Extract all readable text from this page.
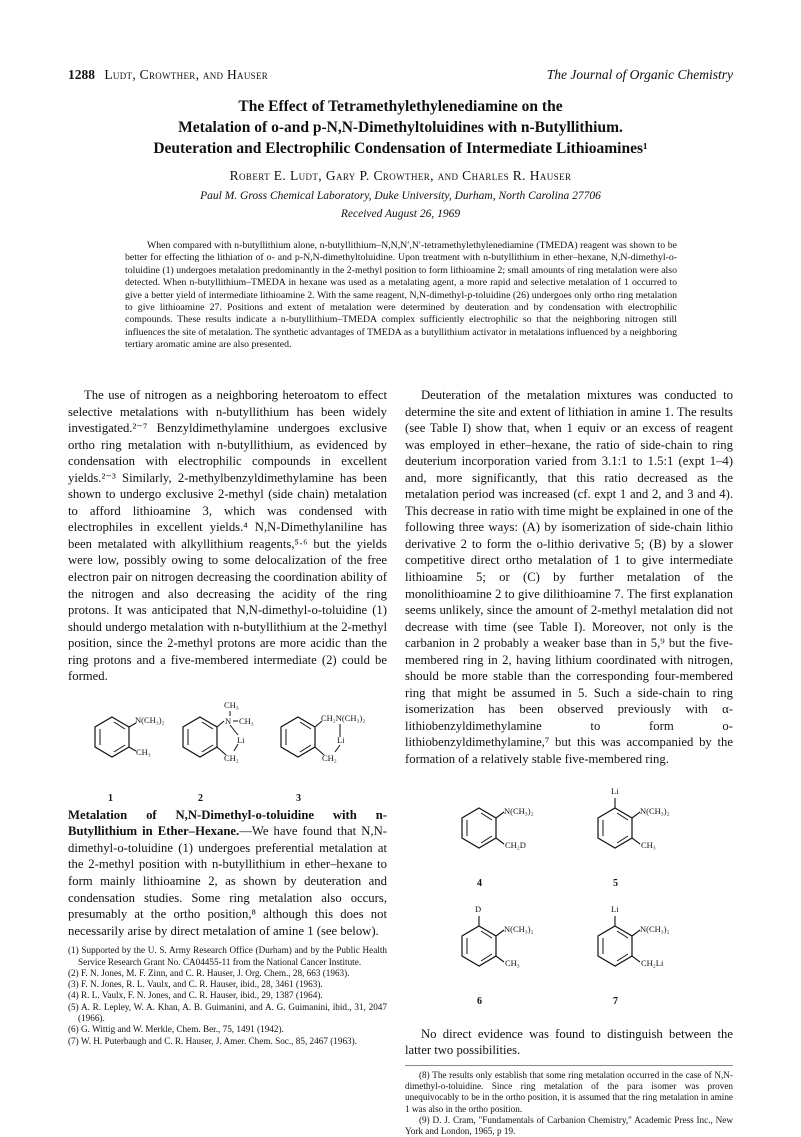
1288 Ludt, Crowther, and Hauser	The Journal of Organic Chemistry
The Effect of Tetramethylethylenediamine on the
Metalation of o-and p-N,N-Dimethyltoluidines with n-Butyllithium.
Deuteration and Electrophilic Condensation of Intermediate Lithioamines¹
Robert E. Ludt, Gary P. Crowther, and Charles R. Hauser
Paul M. Gross Chemical Laboratory, Duke University, Durham, North Carolina 27706
Received August 26, 1969

When compared with n-butyllithium alone, n-butyllithium–N,N,N′,N′-tetramethylethylenediamine (TMEDA) reagent was shown to be better for effecting the lithiation of o- and p-N,N-dimethyltoluidine. Upon treatment with n-butyllithium in ether–hexane, N,N-dimethyl-o-toluidine (1) undergoes metalation predominantly in the 2-methyl position to form lithioamine 2; small amounts of ring metalation were also detected. When n-butyllithium–TMEDA in hexane was used as a metalating agent, a more rapid and selective metalation of 1 occurred to give a better yield of intermediate lithioamine 2. With the same reagent, N,N-dimethyl-p-toluidine (26) undergoes only ortho ring metalation to give lithioamine 27. Positions and extent of metalation were determined by deuteration and by condensation with electrophilic compounds. These results indicate a n-butyllithium–TMEDA complex sufficiently electrophilic so that the neighboring nitrogen still influences the site of metalation. The synthetic advantages of TMEDA as a butyllithium activator in metalations influenced by a neighboring tertiary aromatic amine are also presented.

The use of nitrogen as a neighboring heteroatom to effect selective metalations with n-butyllithium has been widely investigated.²⁻⁷ Benzyldimethylamine undergoes exclusive ortho ring metalation with n-butyllithium, as evidenced by condensation with electrophilic compounds in excellent yields.²⁻³ Similarly, 2-methylbenzyldimethylamine has been shown to undergo exclusive 2-methyl (side chain) metalation to afford lithioamine 3, which was condensed with electrophiles in excellent yields.⁴ N,N-Dimethylaniline has been metalated with alkyllithium reagents,⁵·⁶ but the yields were low, possibly owing to some delocalization of the free electron pair on nitrogen decreasing the coordination ability of the nitrogen and also decreasing the acidity of the ring protons. It was anticipated that N,N-dimethyl-o-toluidine (1) should undergo metalation with n-butyllithium at the 2-methyl position, since the 2-methyl protons are more acidic than the ring protons and a five-membered intermediate (2) could be formed.

N(CH₃)₂
CH₃
1
CH₃
N CH₃
Li
CH₂
2
CH₂N(CH₃)₂
Li
CH₂
3

Metalation of N,N-Dimethyl-o-toluidine with n-Butyllithium in Ether–Hexane.—We have found that N,N-dimethyl-o-toluidine (1) undergoes preferential metalation at the 2-methyl position with n-butyllithium in ether–hexane to form mainly lithioamine 2, as shown by deuteration and condensation studies. Some ring metalation also occurs, presumably at the ortho position,⁸ although this does not necessarily arise by direct metalation of amine 1 (see below).

(1) Supported by the U. S. Army Research Office (Durham) and by the Public Health Service Research Grant No. CA04455-11 from the National Cancer Institute.
(2) F. N. Jones, M. F. Zinn, and C. R. Hauser, J. Org. Chem., 28, 663 (1963).
(3) F. N. Jones, R. L. Vaulx, and C. R. Hauser, ibid., 28, 3461 (1963).
(4) R. L. Vaulx, F. N. Jones, and C. R. Hauser, ibid., 29, 1387 (1964).
(5) A. R. Lepley, W. A. Khan, A. B. Guimanini, and A. G. Guimanini, ibid., 31, 2047 (1966).
(6) G. Wittig and W. Merkle, Chem. Ber., 75, 1491 (1942).
(7) W. H. Puterbaugh and C. R. Hauser, J. Amer. Chem. Soc., 85, 2467 (1963).

Deuteration of the metalation mixtures was conducted to determine the site and extent of lithiation in amine 1. The results (see Table I) show that, when 1 equiv or an excess of reagent was employed in ether–hexane, the ratio of side-chain to ring deuterium incorporation varied from 3.1:1 to 1.5:1 (expt 1–4) and, more significantly, that this ratio decreased as the metalation period was increased (cf. expt 1 and 2, and 3 and 4). This decrease in ratio with time might be explained in one of the following three ways: (A) by isomerization of side-chain lithio derivative 2 to form the o-lithio derivative 5; (B) by a slower competitive direct ortho metalation of 1 to give intermediate lithioamine 5; or (C) by further metalation of the monolithioamine 2 to give dilithioamine 7. The first explanation seems unlikely, since the amount of 2-methyl metalation did not decrease with time (see Table I). Moreover, not only is the carbanion in 2 probably a weaker base than in 5,⁹ but the five-membered ring in 2, having lithium coordinated with nitrogen, should be more stable than the corresponding four-membered ring that might be assumed in 5. Such a side-chain to ring isomerization has been observed previously with α-lithiobenzyldimethylamine to form o-lithiobenzyldimethylamine,⁷ but this was accompanied by the formation of a relatively stable five-membered ring.

N(CH₃)₂
CH₂D
4
Li
N(CH₃)₂
CH₃
5
D
N(CH₃)₂
CH₃
6
Li
N(CH₃)₂
CH₂Li
7

No direct evidence was found to distinguish between the latter two possibilities.

(8) The results only establish that some ring metalation occurred in the case of N,N-dimethyl-o-toluidine. Since ring metalation of the para isomer was proven unequivocably to be in the ortho position, it is assumed that the ring metalation in amine 1 was also in the ortho position.
(9) D. J. Cram, "Fundamentals of Carbanion Chemistry," Academic Press Inc., New York and London, 1965, p 19.
